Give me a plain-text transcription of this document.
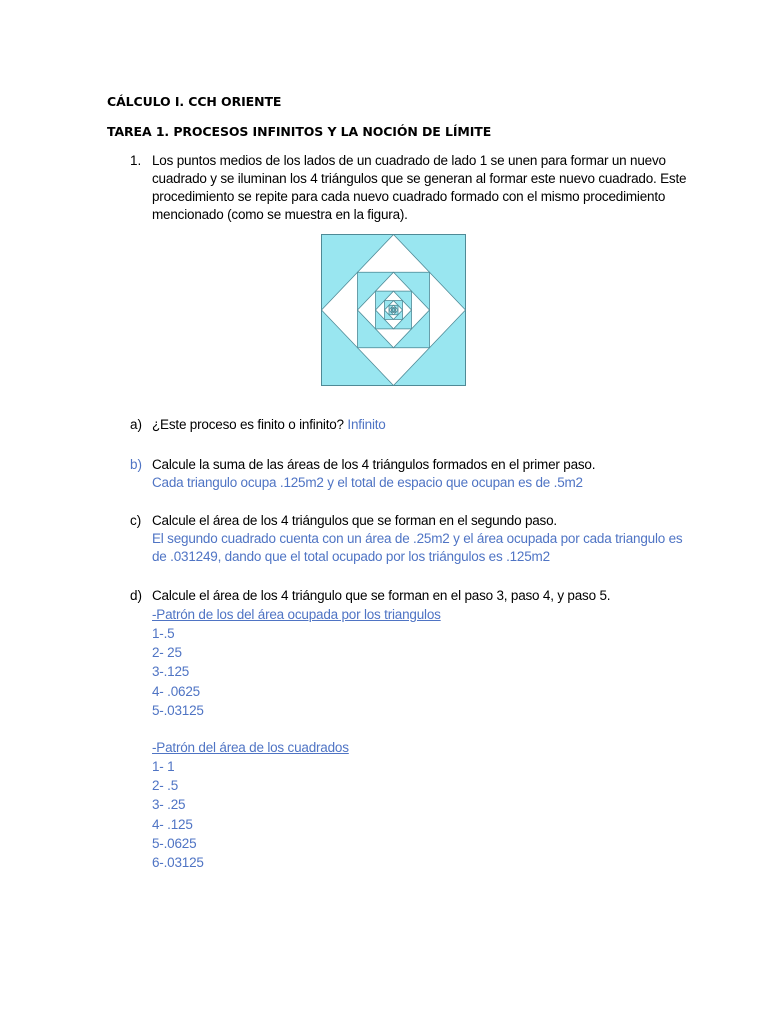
CÁLCULO I. CCH ORIENTE
TAREA 1. PROCESOS INFINITOS Y LA NOCIÓN DE LÍMITE
1. Los puntos medios de los lados de un cuadrado de lado 1 se unen para formar un nuevo
cuadrado y se iluminan los 4 triángulos que se generan al formar este nuevo cuadrado. Este
procedimiento se repite para cada nuevo cuadrado formado con el mismo procedimiento
mencionado (como se muestra en la figura).
a) ¿Este proceso es finito o infinito? Infinito
b) Calcule la suma de las áreas de los 4 triángulos formados en el primer paso.
Cada triangulo ocupa .125m2 y el total de espacio que ocupan es de .5m2
c) Calcule el área de los 4 triángulos que se forman en el segundo paso.
El segundo cuadrado cuenta con un área de .25m2 y el área ocupada por cada triangulo es
de .031249, dando que el total ocupado por los triángulos es .125m2
d) Calcule el área de los 4 triángulo que se forman en el paso 3, paso 4, y paso 5.
-Patrón de los del área ocupada por los triangulos
1-.5
2- 25
3-.125
4- .0625
5-.03125
-Patrón del área de los cuadrados
1- 1
2- .5
3- .25
4- .125
5-.0625
6-.03125
